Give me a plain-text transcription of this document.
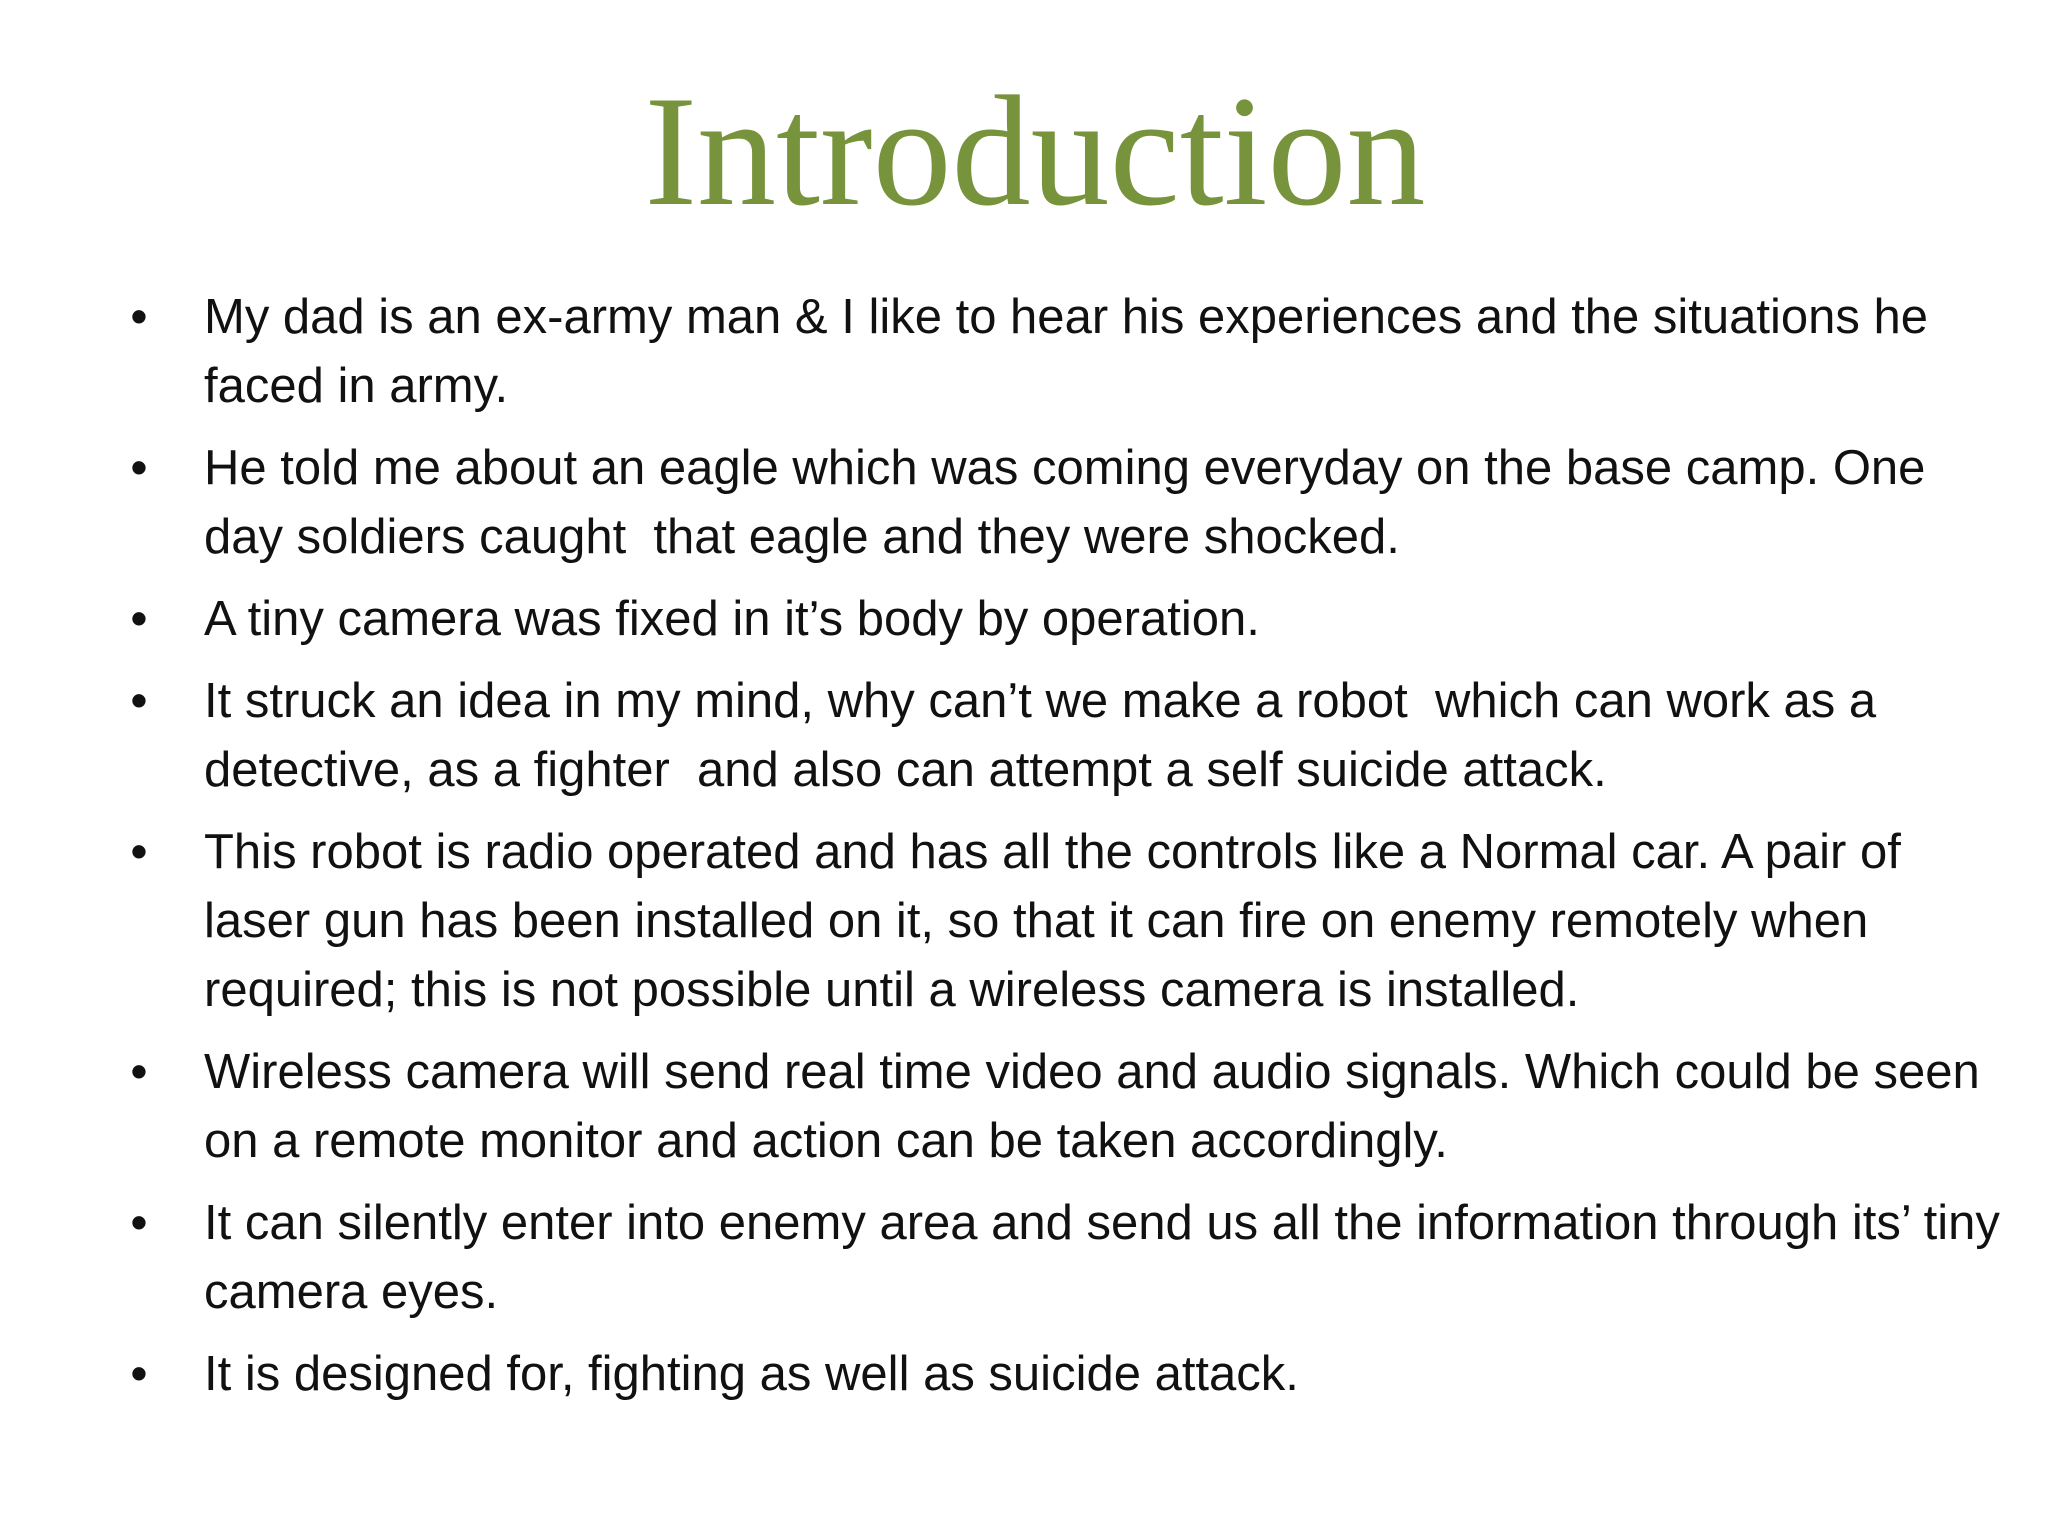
Introduction
• My dad is an ex-army man & I like to hear his experiences and the situations he faced in army.
• He told me about an eagle which was coming everyday on the base camp. One day soldiers caught  that eagle and they were shocked.
• A tiny camera was fixed in it’s body by operation.
• It struck an idea in my mind, why can’t we make a robot  which can work as a detective, as a fighter  and also can attempt a self suicide attack.
• This robot is radio operated and has all the controls like a Normal car. A pair of laser gun has been installed on it, so that it can fire on enemy remotely when required; this is not possible until a wireless camera is installed.
• Wireless camera will send real time video and audio signals. Which could be seen on a remote monitor and action can be taken accordingly.
• It can silently enter into enemy area and send us all the information through its’ tiny camera eyes.
• It is designed for, fighting as well as suicide attack.
